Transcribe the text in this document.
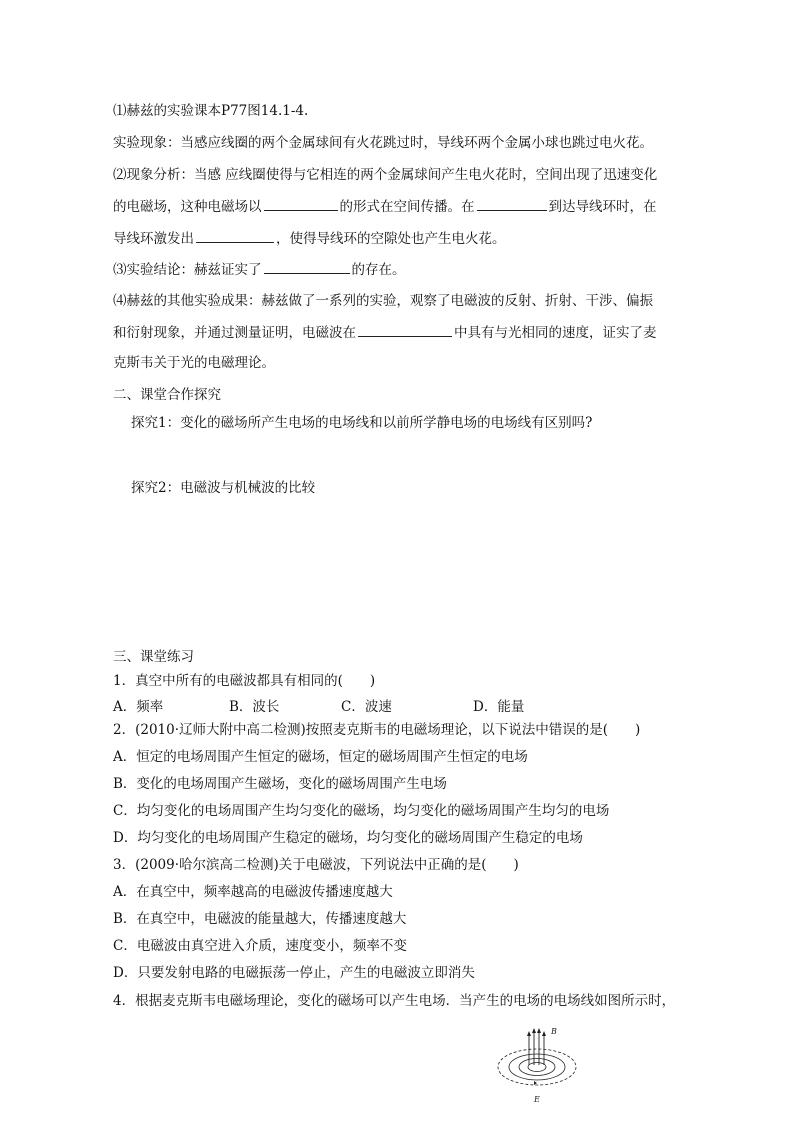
⑴赫兹的实验课本P77图14.1-4.

实验现象：当感应线圈的两个金属球间有火花跳过时，导线环两个金属小球也跳过电火花。

⑵现象分析：当感 应线圈使得与它相连的两个金属球间产生电火花时，空间出现了迅速变化

的电磁场，这种电磁场以	的形式在空间传播。在	到达导线环时，在

导线环激发出	，使得导线环的空隙处也产生电火花。

⑶实验结论：赫兹证实了	的存在。

⑷赫兹的其他实验成果：赫兹做了一系列的实验，观察了电磁波的反射、折射、干涉、偏振

和衍射现象，并通过测量证明，电磁波在	中具有与光相同的速度，证实了麦

克斯韦关于光的电磁理论。

二、课堂合作探究

探究1：变化的磁场所产生电场的电场线和以前所学静电场的电场线有区别吗?

探究2：电磁波与机械波的比较

三、课堂练习

1．真空中所有的电磁波都具有相同的(　　)

A．频率	B．波长	C．波速	D．能量

2．(2010·辽师大附中高二检测)按照麦克斯韦的电磁场理论，以下说法中错误的是(　　)

A．恒定的电场周围产生恒定的磁场，恒定的磁场周围产生恒定的电场

B．变化的电场周围产生磁场，变化的磁场周围产生电场

C．均匀变化的电场周围产生均匀变化的磁场，均匀变化的磁场周围产生均匀的电场

D．均匀变化的电场周围产生稳定的磁场，均匀变化的磁场周围产生稳定的电场

3．(2009·哈尔滨高二检测)关于电磁波，下列说法中正确的是(　　)

A．在真空中，频率越高的电磁波传播速度越大

B．在真空中，电磁波的能量越大，传播速度越大

C．电磁波由真空进入介质，速度变小，频率不变

D．只要发射电路的电磁振荡一停止，产生的电磁波立即消失

4．根据麦克斯韦电磁场理论，变化的磁场可以产生电场．当产生的电场的电场线如图所示时，

B
E
